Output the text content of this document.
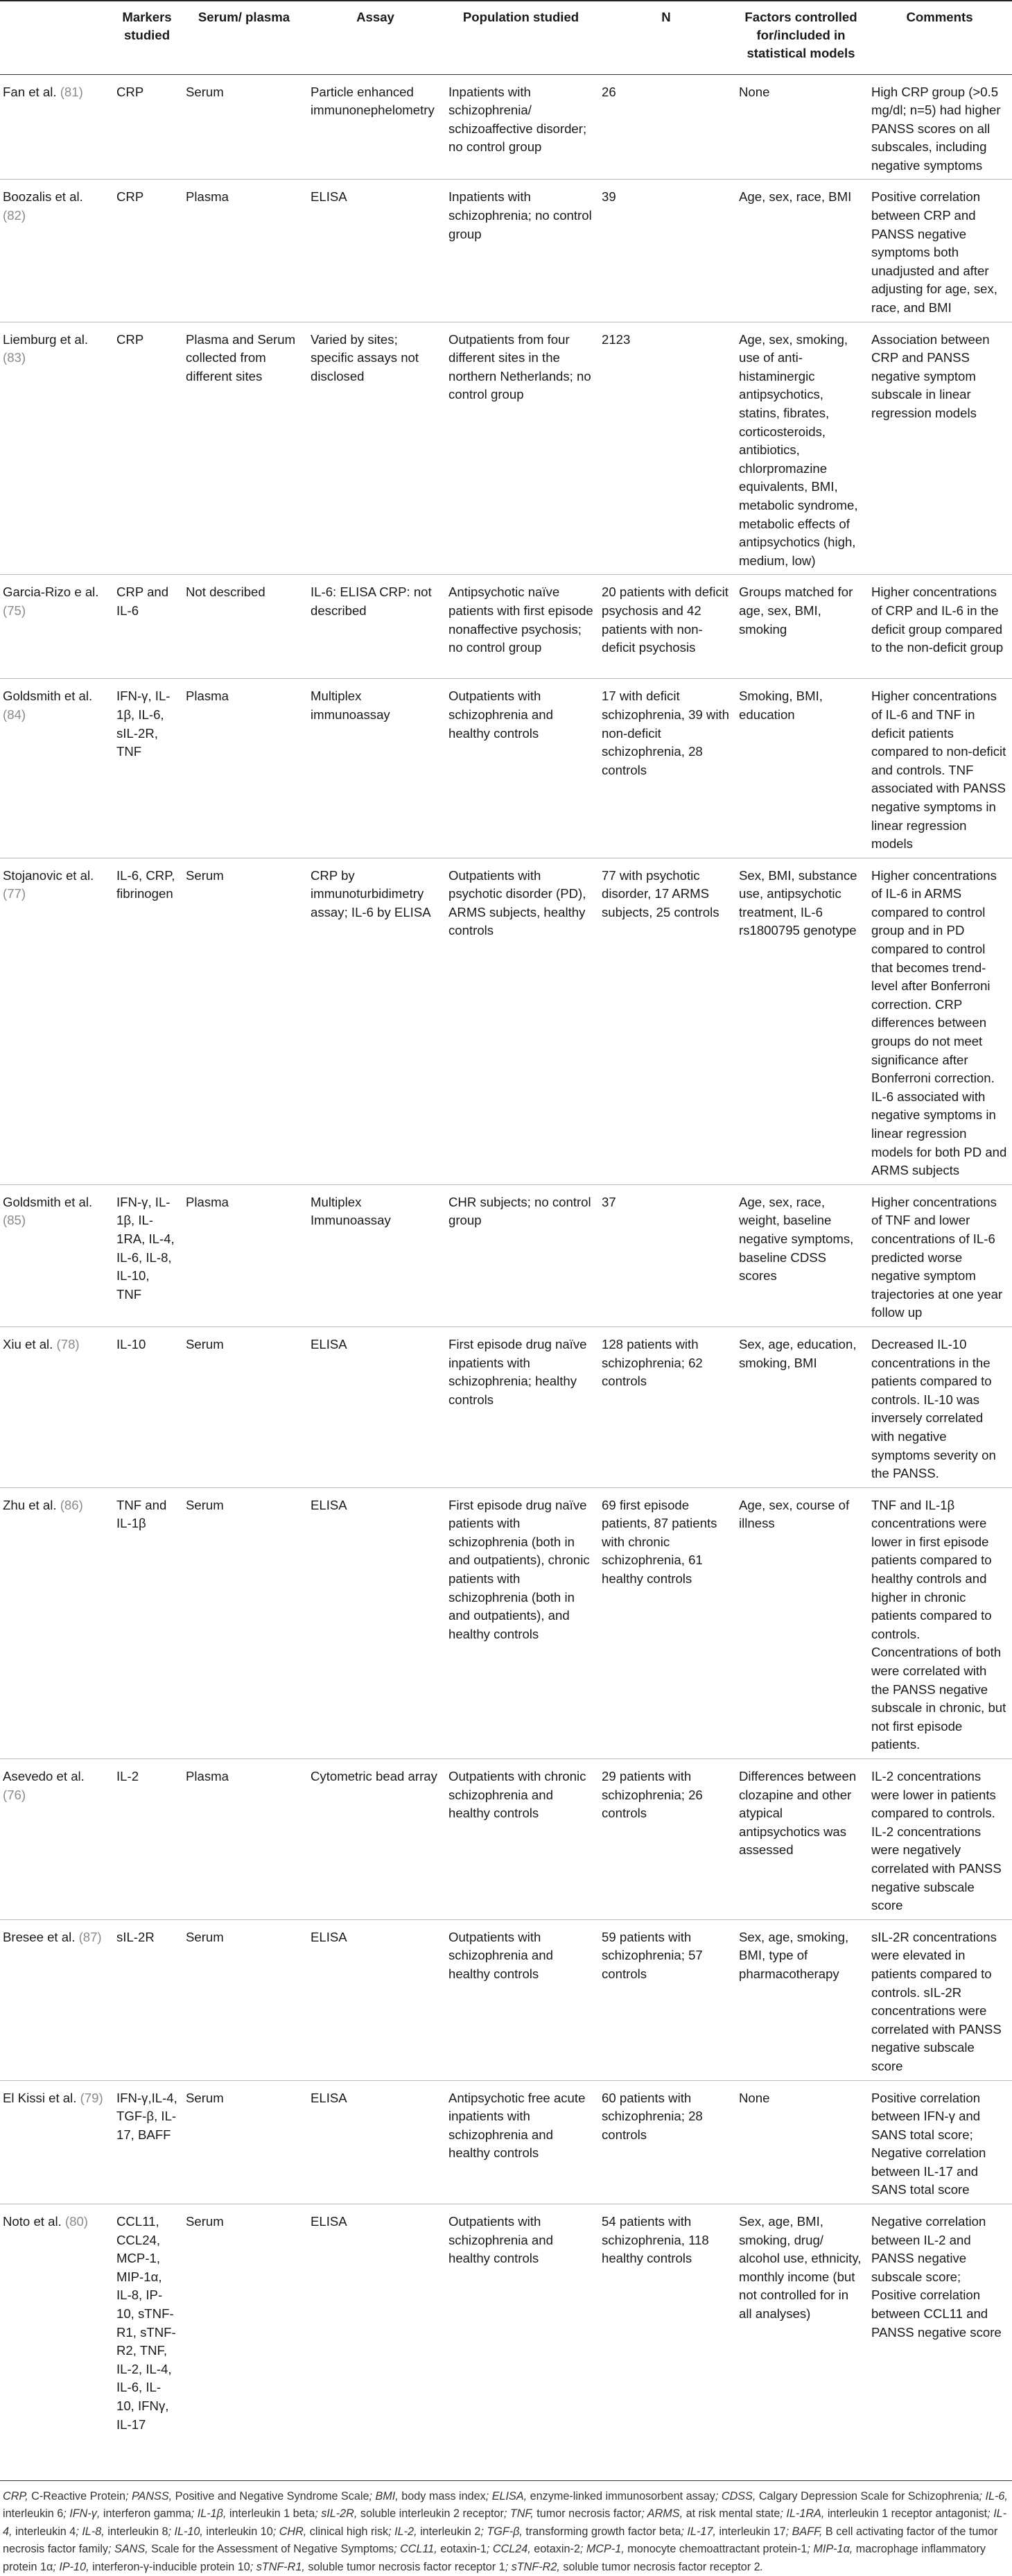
	Markers studied	Serum/ plasma	Assay	Population studied	N	Factors controlled for/included in statistical models	Comments
Fan et al. (81)	CRP	Serum	Particle enhanced immunonephelometry	Inpatients with schizophrenia/ schizoaffective disorder; no control group	26	None	High CRP group (>0.5 mg/dl; n=5) had higher PANSS scores on all subscales, including negative symptoms
Boozalis et al. (82)	CRP	Plasma	ELISA	Inpatients with schizophrenia; no control group	39	Age, sex, race, BMI	Positive correlation between CRP and PANSS negative symptoms both unadjusted and after adjusting for age, sex, race, and BMI
Liemburg et al. (83)	CRP	Plasma and Serum collected from different sites	Varied by sites; specific assays not disclosed	Outpatients from four different sites in the northern Netherlands; no control group	2123	Age, sex, smoking, use of anti-histaminergic antipsychotics, statins, fibrates, corticosteroids, antibiotics, chlorpromazine equivalents, BMI, metabolic syndrome, metabolic effects of antipsychotics (high, medium, low)	Association between CRP and PANSS negative symptom subscale in linear regression models
Garcia-Rizo e al. (75)	CRP and IL-6	Not described	IL-6: ELISA CRP: not described	Antipsychotic naïve patients with first episode nonaffective psychosis; no control group	20 patients with deficit psychosis and 42 patients with non-deficit psychosis	Groups matched for age, sex, BMI, smoking	Higher concentrations of CRP and IL-6 in the deficit group compared to the non-deficit group
Goldsmith et al. (84)	IFN-γ, IL-1β, IL-6, sIL-2R, TNF	Plasma	Multiplex immunoassay	Outpatients with schizophrenia and healthy controls	17 with deficit schizophrenia, 39 with non-deficit schizophrenia, 28 controls	Smoking, BMI, education	Higher concentrations of IL-6 and TNF in deficit patients compared to non-deficit and controls. TNF associated with PANSS negative symptoms in linear regression models
Stojanovic et al. (77)	IL-6, CRP, fibrinogen	Serum	CRP by immunoturbidimetry assay; IL-6 by ELISA	Outpatients with psychotic disorder (PD), ARMS subjects, healthy controls	77 with psychotic disorder, 17 ARMS subjects, 25 controls	Sex, BMI, substance use, antipsychotic treatment, IL-6 rs1800795 genotype	Higher concentrations of IL-6 in ARMS compared to control group and in PD compared to control that becomes trend-level after Bonferroni correction. CRP differences between groups do not meet significance after Bonferroni correction. IL-6 associated with negative symptoms in linear regression models for both PD and ARMS subjects
Goldsmith et al. (85)	IFN-γ, IL-1β, IL-1RA, IL-4, IL-6, IL-8, IL-10, TNF	Plasma	Multiplex Immunoassay	CHR subjects; no control group	37	Age, sex, race, weight, baseline negative symptoms, baseline CDSS scores	Higher concentrations of TNF and lower concentrations of IL-6 predicted worse negative symptom trajectories at one year follow up
Xiu et al. (78)	IL-10	Serum	ELISA	First episode drug naïve inpatients with schizophrenia; healthy controls	128 patients with schizophrenia; 62 controls	Sex, age, education, smoking, BMI	Decreased IL-10 concentrations in the patients compared to controls. IL-10 was inversely correlated with negative symptoms severity on the PANSS.
Zhu et al. (86)	TNF and IL-1β	Serum	ELISA	First episode drug naïve patients with schizophrenia (both in and outpatients), chronic patients with schizophrenia (both in and outpatients), and healthy controls	69 first episode patients, 87 patients with chronic schizophrenia, 61 healthy controls	Age, sex, course of illness	TNF and IL-1β concentrations were lower in first episode patients compared to healthy controls and higher in chronic patients compared to controls. Concentrations of both were correlated with the PANSS negative subscale in chronic, but not first episode patients.
Asevedo et al. (76)	IL-2	Plasma	Cytometric bead array	Outpatients with chronic schizophrenia and healthy controls	29 patients with schizophrenia; 26 controls	Differences between clozapine and other atypical antipsychotics was assessed	IL-2 concentrations were lower in patients compared to controls. IL-2 concentrations were negatively correlated with PANSS negative subscale score
Bresee et al. (87)	sIL-2R	Serum	ELISA	Outpatients with schizophrenia and healthy controls	59 patients with schizophrenia; 57 controls	Sex, age, smoking, BMI, type of pharmacotherapy	sIL-2R concentrations were elevated in patients compared to controls. sIL-2R concentrations were correlated with PANSS negative subscale score
El Kissi et al. (79)	IFN-γ,IL-4, TGF-β, IL-17, BAFF	Serum	ELISA	Antipsychotic free acute inpatients with schizophrenia and healthy controls	60 patients with schizophrenia; 28 controls	None	Positive correlation between IFN-γ and SANS total score; Negative correlation between IL-17 and SANS total score
Noto et al. (80)	CCL11, CCL24, MCP-1, MIP-1α, IL-8, IP-10, sTNF-R1, sTNF-R2, TNF, IL-2, IL-4, IL-6, IL-10, IFNγ, IL-17	Serum	ELISA	Outpatients with schizophrenia and healthy controls	54 patients with schizophrenia, 118 healthy controls	Sex, age, BMI, smoking, drug/ alcohol use, ethnicity, monthly income (but not controlled for in all analyses)	Negative correlation between IL-2 and PANSS negative subscale score; Positive correlation between CCL11 and PANSS negative score
CRP, C-Reactive Protein; PANSS, Positive and Negative Syndrome Scale; BMI, body mass index; ELISA, enzyme-linked immunosorbent assay; CDSS, Calgary Depression Scale for Schizophrenia; IL-6, interleukin 6; IFN-γ, interferon gamma; IL-1β, interleukin 1 beta; sIL-2R, soluble interleukin 2 receptor; TNF, tumor necrosis factor; ARMS, at risk mental state; IL-1RA, interleukin 1 receptor antagonist; IL-4, interleukin 4; IL-8, interleukin 8; IL-10, interleukin 10; CHR, clinical high risk; IL-2, interleukin 2; TGF-β, transforming growth factor beta; IL-17, interleukin 17; BAFF, B cell activating factor of the tumor necrosis factor family; SANS, Scale for the Assessment of Negative Symptoms; CCL11, eotaxin-1; CCL24, eotaxin-2; MCP-1, monocyte chemoattractant protein-1; MIP-1α, macrophage inflammatory protein 1α; IP-10, interferon-γ-inducible protein 10; sTNF-R1, soluble tumor necrosis factor receptor 1; sTNF-R2, soluble tumor necrosis factor receptor 2.
